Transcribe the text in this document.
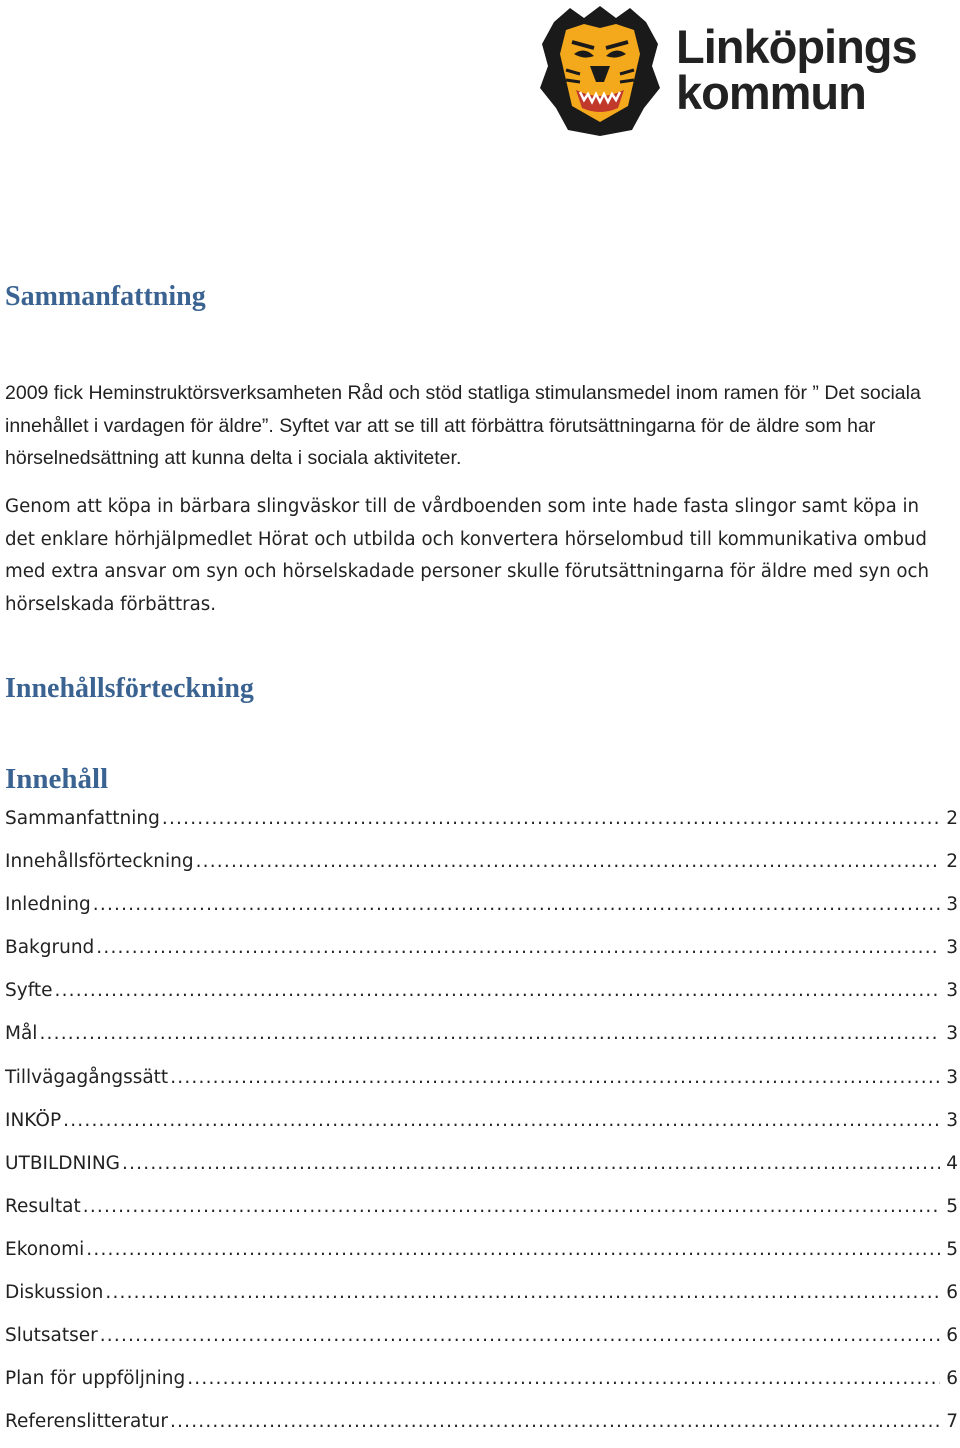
Linköpings
kommun
Sammanfattning

2009 fick Heminstruktörsverksamheten Råd och stöd statliga stimulansmedel inom ramen för ” Det sociala innehållet i vardagen för äldre”. Syftet var att se till att förbättra förutsättningarna för de äldre som har hörselnedsättning att kunna delta i sociala aktiviteter.

Genom att köpa in bärbara slingväskor till de vårdboenden som inte hade fasta slingor samt köpa in det enklare hörhjälpmedlet Hörat och utbilda och konvertera hörselombud till kommunikativa ombud med extra ansvar om syn och hörselskadade personer skulle förutsättningarna för äldre med syn och hörselskada förbättras.

Innehållsförteckning
Innehåll
Sammanfattning .....	2
Innehållsförteckning .....	2
Inledning .....	3
Bakgrund .....	3
Syfte .....	3
Mål .....	3
Tillvägagångssätt .....	3
INKÖP .....	3
UTBILDNING .....	4
Resultat .....	5
Ekonomi .....	5
Diskussion .....	6
Slutsatser .....	6
Plan för uppföljning .....	6
Referenslitteratur .....	7
